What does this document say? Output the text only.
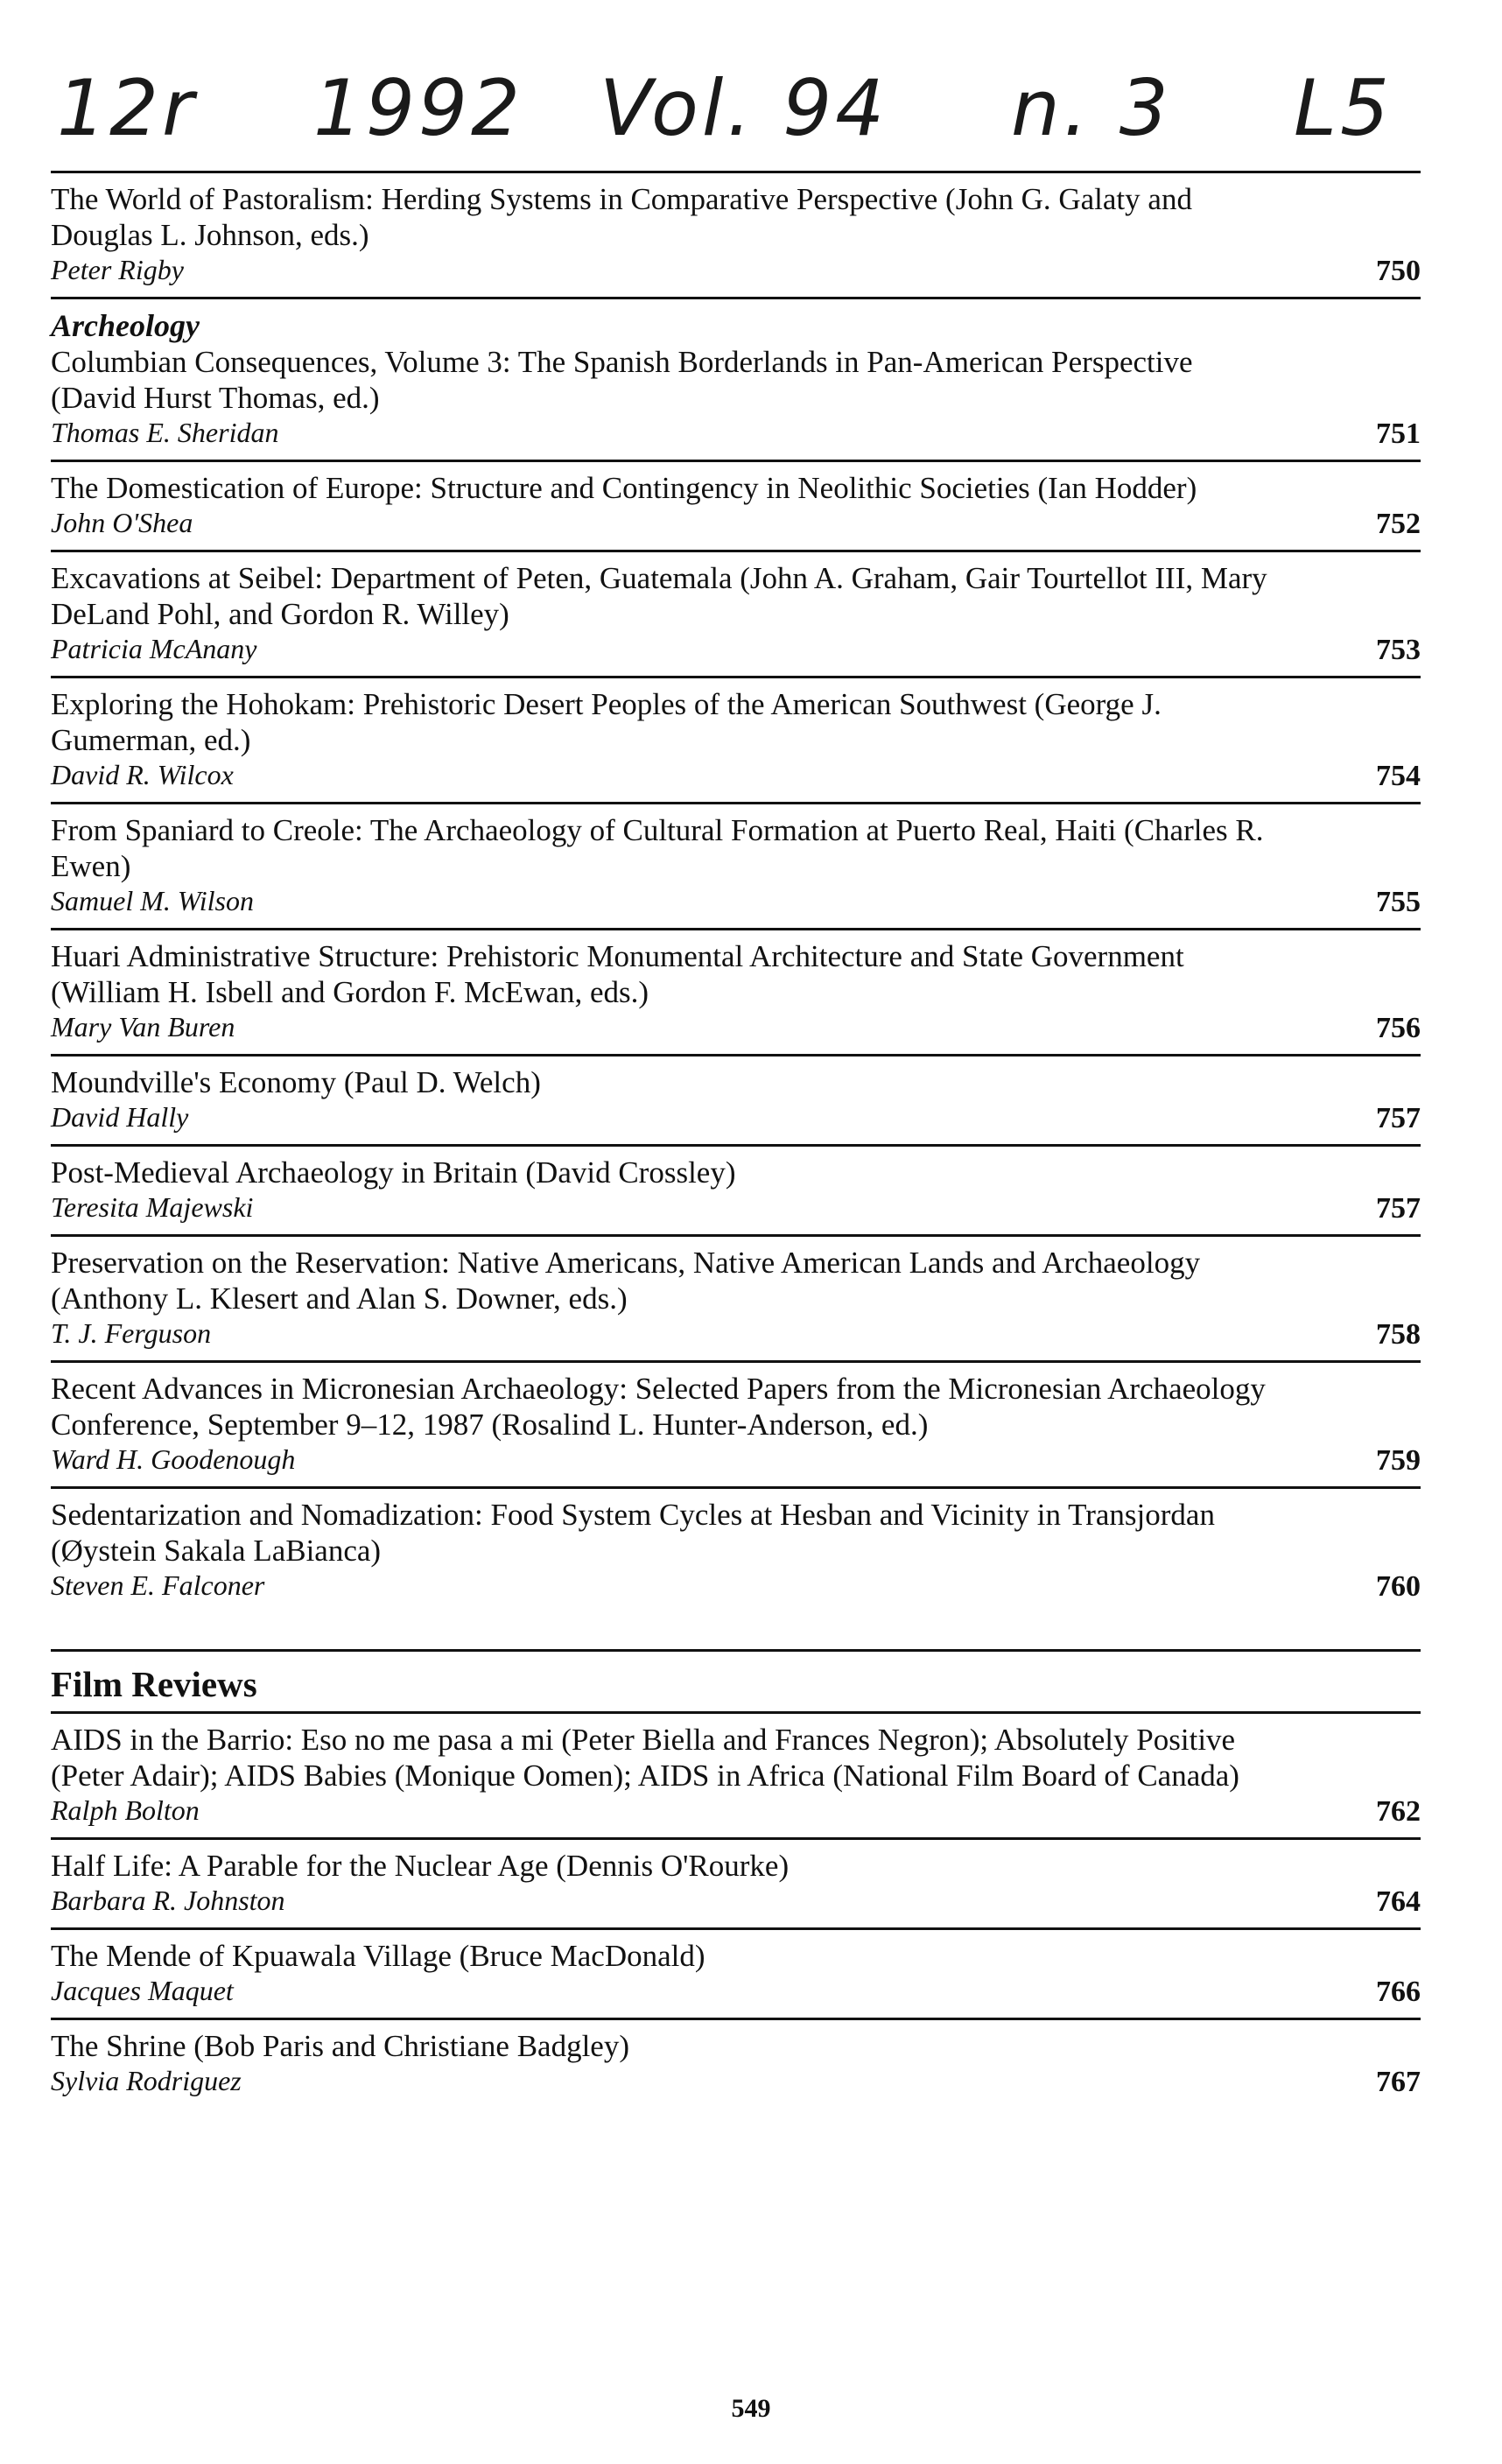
12r 1992 Vol. 94 n. 3 L5
The World of Pastoralism: Herding Systems in Comparative Perspective (John G. Galaty and Douglas L. Johnson, eds.)
Peter Rigby	750
Archeology
Columbian Consequences, Volume 3: The Spanish Borderlands in Pan-American Perspective (David Hurst Thomas, ed.)
Thomas E. Sheridan	751
The Domestication of Europe: Structure and Contingency in Neolithic Societies (Ian Hodder)
John O'Shea	752
Excavations at Seibel: Department of Peten, Guatemala (John A. Graham, Gair Tourtellot III, Mary DeLand Pohl, and Gordon R. Willey)
Patricia McAnany	753
Exploring the Hohokam: Prehistoric Desert Peoples of the American Southwest (George J. Gumerman, ed.)
David R. Wilcox	754
From Spaniard to Creole: The Archaeology of Cultural Formation at Puerto Real, Haiti (Charles R. Ewen)
Samuel M. Wilson	755
Huari Administrative Structure: Prehistoric Monumental Architecture and State Government (William H. Isbell and Gordon F. McEwan, eds.)
Mary Van Buren	756
Moundville's Economy (Paul D. Welch)
David Hally	757
Post-Medieval Archaeology in Britain (David Crossley)
Teresita Majewski	757
Preservation on the Reservation: Native Americans, Native American Lands and Archaeology (Anthony L. Klesert and Alan S. Downer, eds.)
T. J. Ferguson	758
Recent Advances in Micronesian Archaeology: Selected Papers from the Micronesian Archaeology Conference, September 9–12, 1987 (Rosalind L. Hunter-Anderson, ed.)
Ward H. Goodenough	759
Sedentarization and Nomadization: Food System Cycles at Hesban and Vicinity in Transjordan (Øystein Sakala LaBianca)
Steven E. Falconer	760
Film Reviews
AIDS in the Barrio: Eso no me pasa a mi (Peter Biella and Frances Negron); Absolutely Positive (Peter Adair); AIDS Babies (Monique Oomen); AIDS in Africa (National Film Board of Canada)
Ralph Bolton	762
Half Life: A Parable for the Nuclear Age (Dennis O'Rourke)
Barbara R. Johnston	764
The Mende of Kpuawala Village (Bruce MacDonald)
Jacques Maquet	766
The Shrine (Bob Paris and Christiane Badgley)
Sylvia Rodriguez	767
549
